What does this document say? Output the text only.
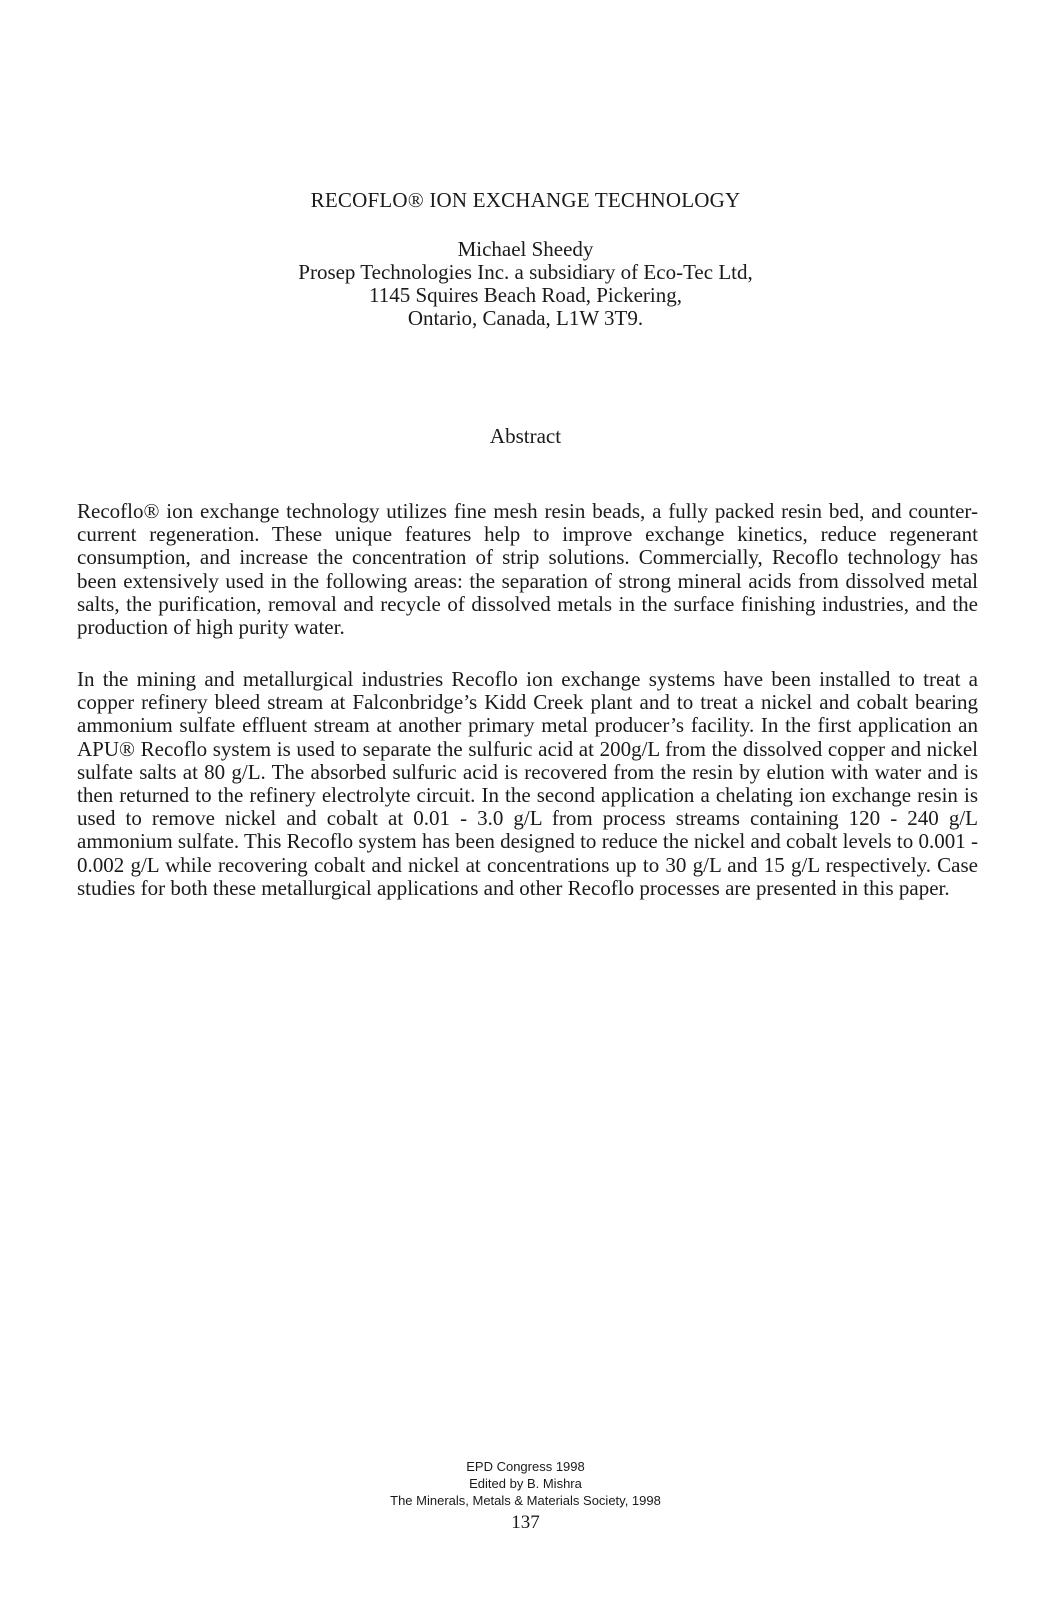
RECOFLO® ION EXCHANGE TECHNOLOGY
Michael Sheedy
Prosep Technologies Inc. a subsidiary of Eco-Tec Ltd,
1145 Squires Beach Road, Pickering,
Ontario, Canada, L1W 3T9.
Abstract
Recoflo® ion exchange technology utilizes fine mesh resin beads, a fully packed resin bed, and counter-current regeneration. These unique features help to improve exchange kinetics, reduce regenerant consumption, and increase the concentration of strip solutions. Commercially, Recoflo technology has been extensively used in the following areas: the separation of strong mineral acids from dissolved metal salts, the purification, removal and recycle of dissolved metals in the surface finishing industries, and the production of high purity water.
In the mining and metallurgical industries Recoflo ion exchange systems have been installed to treat a copper refinery bleed stream at Falconbridge’s Kidd Creek plant and to treat a nickel and cobalt bearing ammonium sulfate effluent stream at another primary metal producer’s facility. In the first application an APU® Recoflo system is used to separate the sulfuric acid at 200g/L from the dissolved copper and nickel sulfate salts at 80 g/L. The absorbed sulfuric acid is recovered from the resin by elution with water and is then returned to the refinery electrolyte circuit. In the second application a chelating ion exchange resin is used to remove nickel and cobalt at 0.01 - 3.0 g/L from process streams containing 120 - 240 g/L ammonium sulfate. This Recoflo system has been designed to reduce the nickel and cobalt levels to 0.001 - 0.002 g/L while recovering cobalt and nickel at concentrations up to 30 g/L and 15 g/L respectively. Case studies for both these metallurgical applications and other Recoflo processes are presented in this paper.
EPD Congress 1998
Edited by B. Mishra
The Minerals, Metals & Materials Society, 1998
137
